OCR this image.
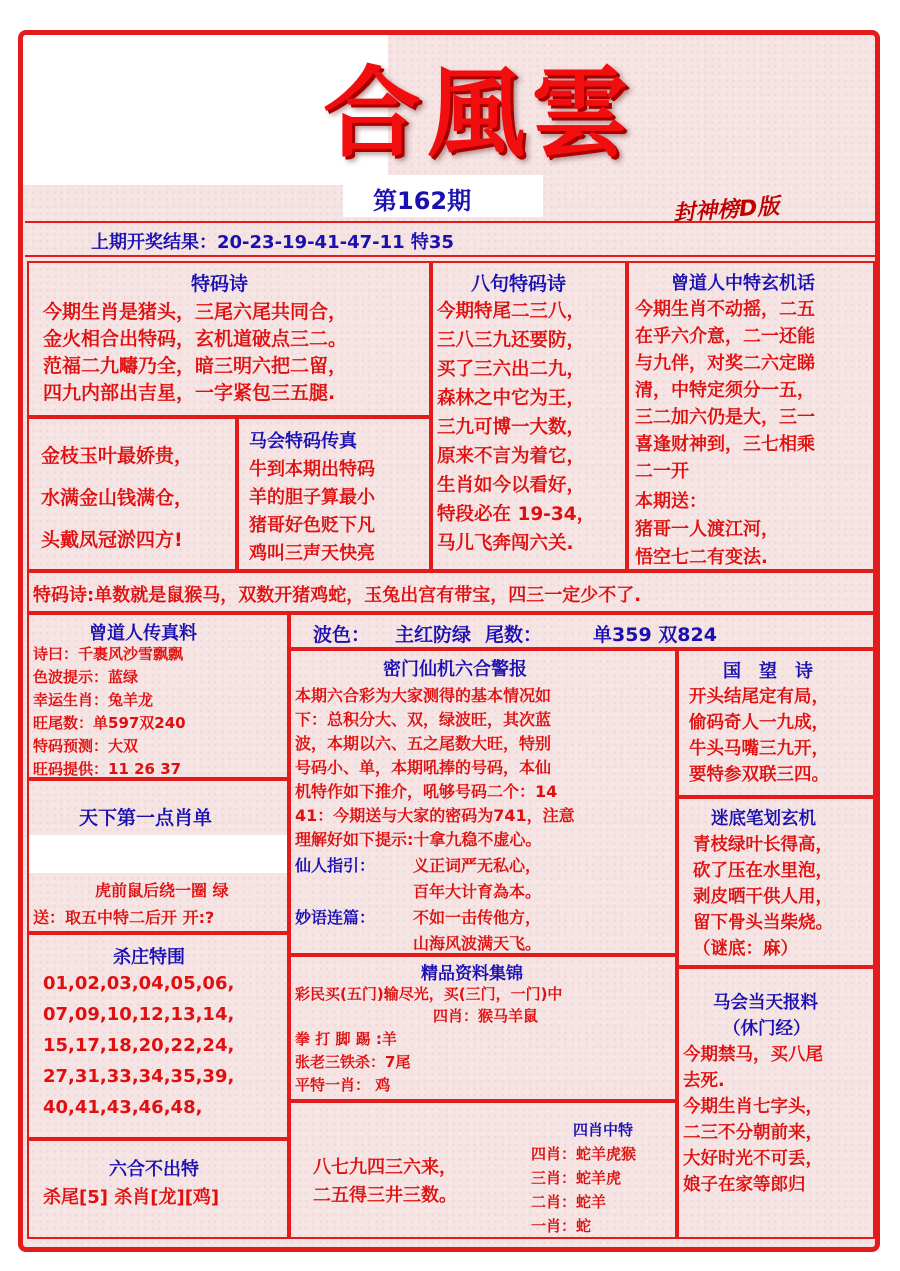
合風雲
第162期	封神榜D版
上期开奖结果：20-23-19-41-47-11 特35
特码诗
今期生肖是猪头，三尾六尾共同合，
金火相合出特码，玄机道破点三二。
范福二九疇乃全，暗三明六把二留，
四九内部出吉星，一字紧包三五腿.
八句特码诗
今期特尾二三八，
三八三九还要防，
买了三六出二九，
森林之中它为王，
三九可博一大数，
原来不言为着它，
生肖如今以看好，
特段必在 19-34，
马儿飞奔闯六关.
曾道人中特玄机话
今期生肖不动摇，二五
在乎六介意，二一还能
与九伴，对奖二六定睇
清，中特定须分一五，
三二加六仍是大，三一
喜逢财神到，三七相乘
二一开
本期送：
猪哥一人渡江河，
悟空七二有变法.
金枝玉叶最娇贵，
水满金山钱满仓，
头戴凤冠淤四方!
马会特码传真
牛到本期出特码
羊的胆子算最小
猪哥好色贬下凡
鸡叫三声天快亮
特码诗:单数就是鼠猴马，双数开猪鸡蛇，玉兔出宫有带宝，四三一定少不了.
曾道人传真料
诗曰：千裹风沙雪飘飘
色波提示：蓝绿
幸运生肖：兔羊龙
旺尾数：单597双240
特码预测：大双
旺码提供：11 26 37
天下第一点肖单
虎前鼠后绕一圈 绿
送：取五中特二后开 开:?
杀庄特围
01,02,03,04,05,06,
07,09,10,12,13,14,
15,17,18,20,22,24,
27,31,33,34,35,39,
40,41,43,46,48,
六合不出特
杀尾[5] 杀肖[龙][鸡]
波色： 主红防绿 尾数：	单359 双824
密门仙机六合警报
本期六合彩为大家测得的基本情况如
下：总积分大、双，绿波旺，其次蓝
波，本期以六、五之尾数大旺，特别
号码小、单，本期吼捧的号码，本仙
机特作如下推介，吼够号码二个：14
41：今期送与大家的密码为741，注意
理解好如下提示:十拿九稳不虚心。
仙人指引： 义正词严无私心，
百年大计育為本。
妙语连篇： 不如一击传他方，
山海风波满天飞。
精品资料集锦
彩民买(五门)输尽光，买(三门，一门)中
四肖：猴马羊鼠
拳 打 脚 踢 :羊
张老三铁杀：7尾
平特一肖： 鸡
八七九四三六来，
二五得三井三数。
四肖中特
四肖：蛇羊虎猴
三肖：蛇羊虎
二肖：蛇羊
一肖：蛇
国　望　诗
开头结尾定有局，
偷码奇人一九成，
牛头马嘴三九开，
要特参双联三四。
迷底笔划玄机
青枝绿叶长得高，
砍了压在水里泡，
剥皮晒干供人用，
留下骨头当柴烧。
（谜底：麻）
马会当天报料
（休门经）
今期禁马，买八尾
去死.
今期生肖七字头，
二三不分朝前来，
大好时光不可丢，
娘子在家等郎归
